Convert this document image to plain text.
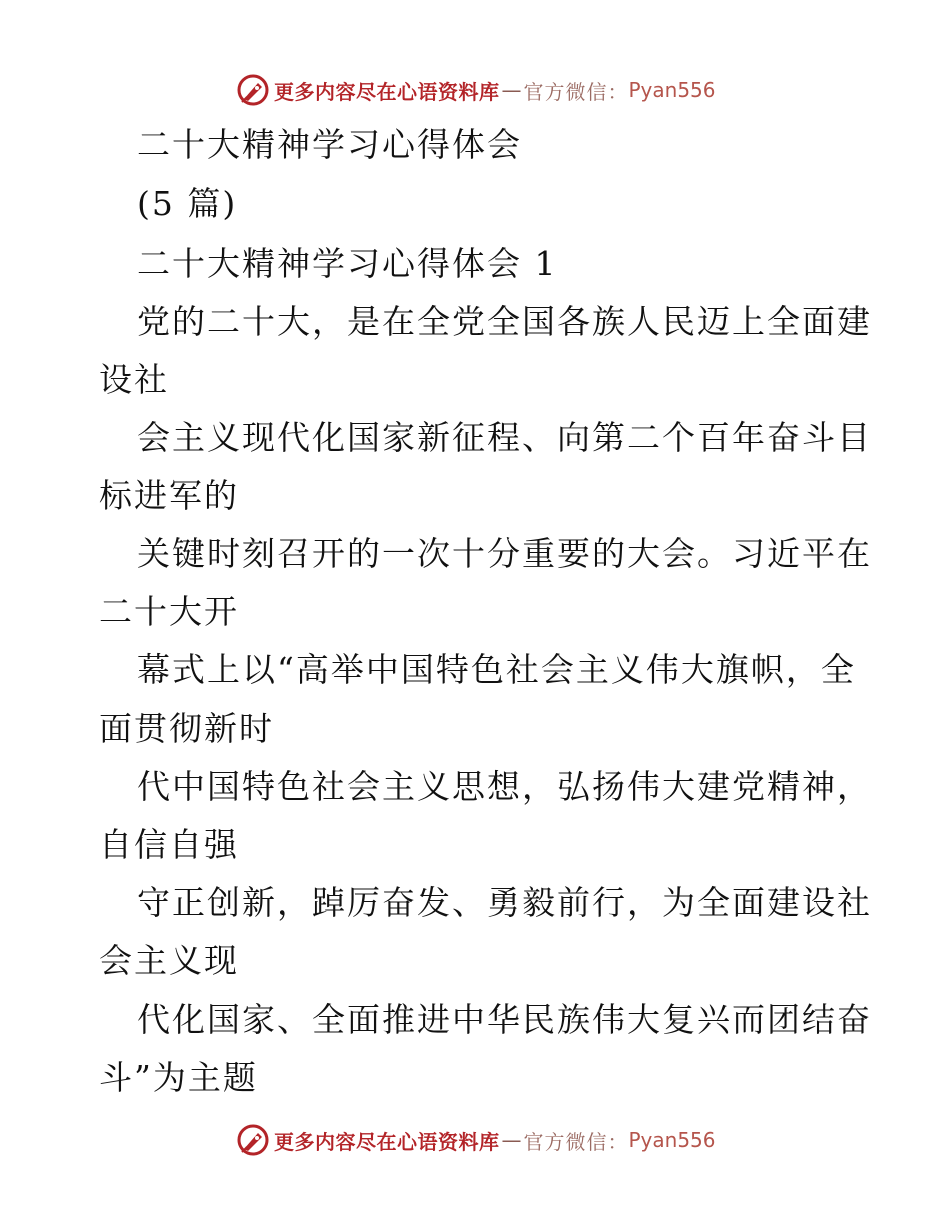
更多内容尽在心语资料库 — 官方微信： Pyan556
二十大精神学习心得体会
(5 篇)
二十大精神学习心得体会 1
党的二十大，是在全党全国各族人民迈上全面建
设社
会主义现代化国家新征程、向第二个百年奋斗目
标进军的
关键时刻召开的一次十分重要的大会。习近平在
二十大开
幕式上以“高举中国特色社会主义伟大旗帜，全
面贯彻新时
代中国特色社会主义思想，弘扬伟大建党精神，
自信自强
守正创新，踔厉奋发、勇毅前行，为全面建设社
会主义现
代化国家、全面推进中华民族伟大复兴而团结奋
斗”为主题
更多内容尽在心语资料库 — 官方微信： Pyan556
